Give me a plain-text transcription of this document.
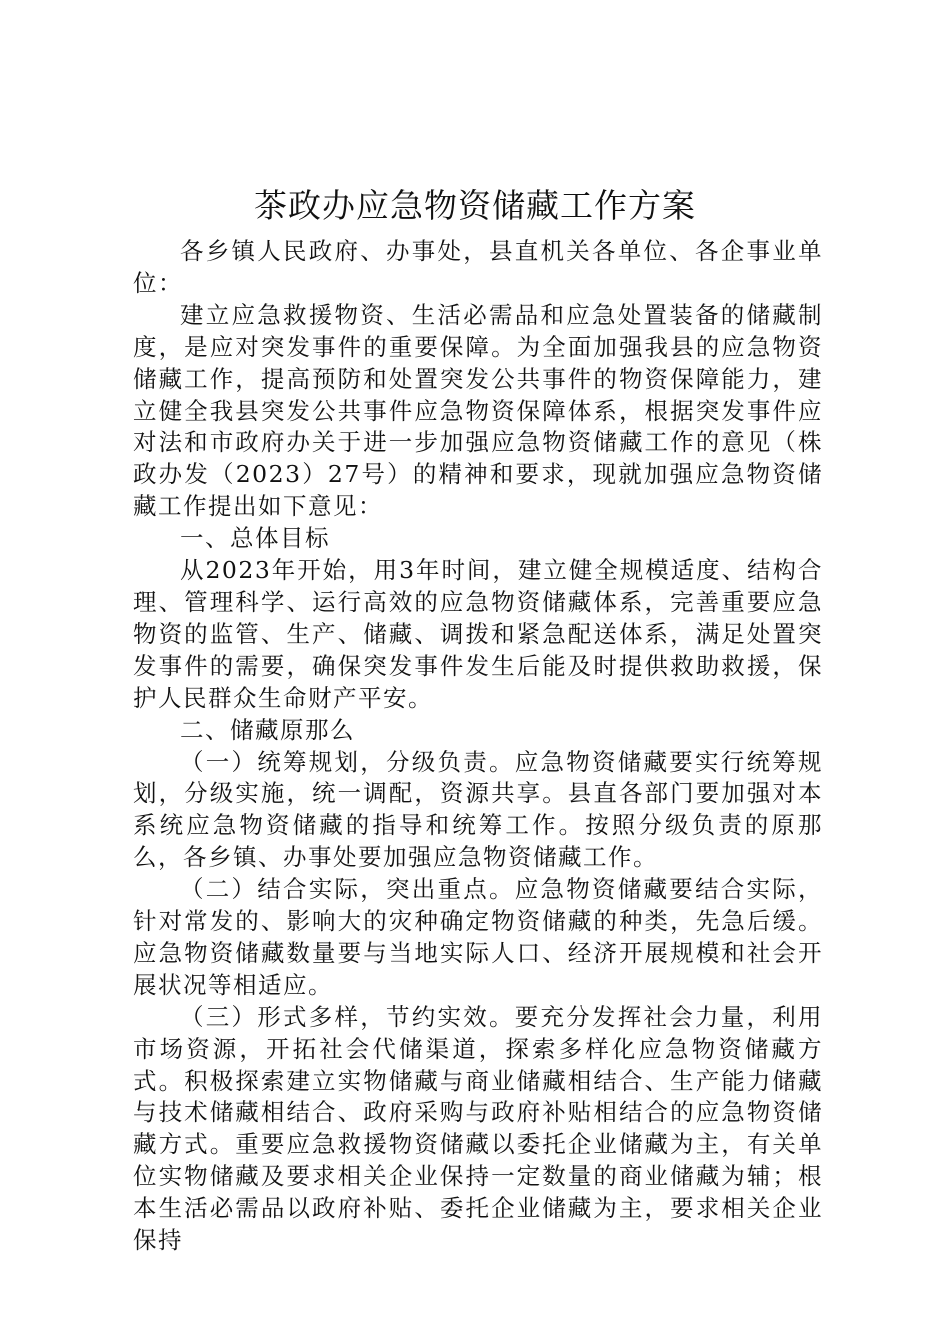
茶政办应急物资储藏工作方案

各乡镇人民政府、办事处，县直机关各单位、各企事业单位：

建立应急救援物资、生活必需品和应急处置装备的储藏制度，是应对突发事件的重要保障。为全面加强我县的应急物资储藏工作，提高预防和处置突发公共事件的物资保障能力，建立健全我县突发公共事件应急物资保障体系，根据突发事件应对法和市政府办关于进一步加强应急物资储藏工作的意见（株政办发（2023）27号）的精神和要求，现就加强应急物资储藏工作提出如下意见：

一、总体目标

从2023年开始，用3年时间，建立健全规模适度、结构合理、管理科学、运行高效的应急物资储藏体系，完善重要应急物资的监管、生产、储藏、调拨和紧急配送体系，满足处置突发事件的需要，确保突发事件发生后能及时提供救助救援，保护人民群众生命财产平安。

二、储藏原那么

（一）统筹规划，分级负责。应急物资储藏要实行统筹规划，分级实施，统一调配，资源共享。县直各部门要加强对本系统应急物资储藏的指导和统筹工作。按照分级负责的原那么，各乡镇、办事处要加强应急物资储藏工作。

（二）结合实际，突出重点。应急物资储藏要结合实际，针对常发的、影响大的灾种确定物资储藏的种类，先急后缓。应急物资储藏数量要与当地实际人口、经济开展规模和社会开展状况等相适应。

（三）形式多样，节约实效。要充分发挥社会力量，利用市场资源，开拓社会代储渠道，探索多样化应急物资储藏方式。积极探索建立实物储藏与商业储藏相结合、生产能力储藏与技术储藏相结合、政府采购与政府补贴相结合的应急物资储藏方式。重要应急救援物资储藏以委托企业储藏为主，有关单位实物储藏及要求相关企业保持一定数量的商业储藏为辅；根本生活必需品以政府补贴、委托企业储藏为主，要求相关企业保持
